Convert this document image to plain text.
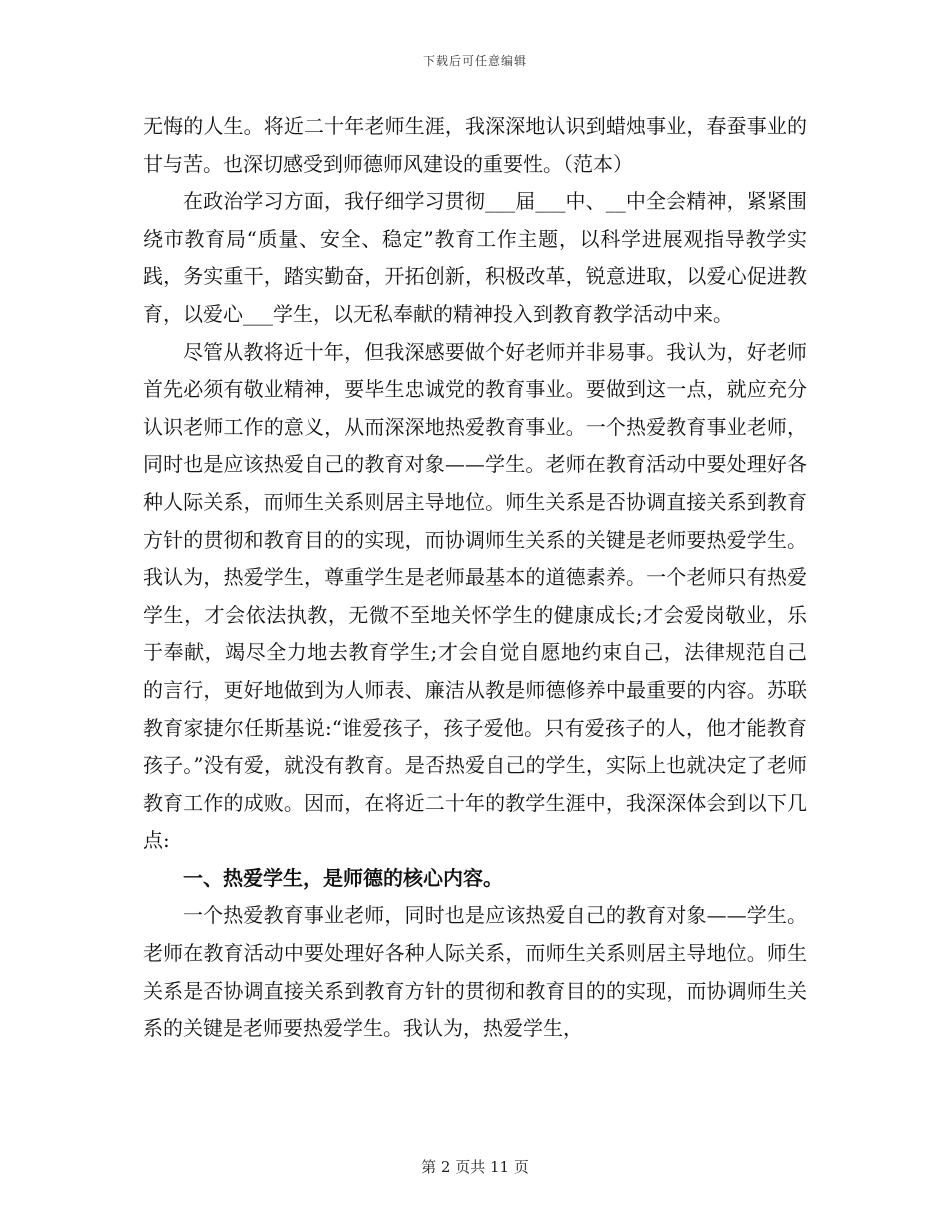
下载后可任意编辑

无悔的人生。将近二十年老师生涯，我深深地认识到蜡烛事业，春蚕事业的甘与苦。也深切感受到师德师风建设的重要性。（范本）

在政治学习方面，我仔细学习贯彻___届___中、__中全会精神，紧紧围绕市教育局“质量、安全、稳定”教育工作主题，以科学进展观指导教学实践，务实重干，踏实勤奋，开拓创新，积极改革，锐意进取，以爱心促进教育，以爱心___学生，以无私奉献的精神投入到教育教学活动中来。

尽管从教将近十年，但我深感要做个好老师并非易事。我认为，好老师首先必须有敬业精神，要毕生忠诚党的教育事业。要做到这一点，就应充分认识老师工作的意义，从而深深地热爱教育事业。一个热爱教育事业老师，同时也是应该热爱自己的教育对象——学生。老师在教育活动中要处理好各种人际关系，而师生关系则居主导地位。师生关系是否协调直接关系到教育方针的贯彻和教育目的的实现，而协调师生关系的关键是老师要热爱学生。我认为，热爱学生，尊重学生是老师最基本的道德素养。一个老师只有热爱学生，才会依法执教，无微不至地关怀学生的健康成长;才会爱岗敬业，乐于奉献，竭尽全力地去教育学生;才会自觉自愿地约束自己，法律规范自己的言行，更好地做到为人师表、廉洁从教是师德修养中最重要的内容。苏联教育家捷尔任斯基说:“谁爱孩子，孩子爱他。只有爱孩子的人，他才能教育孩子。”没有爱，就没有教育。是否热爱自己的学生，实际上也就决定了老师教育工作的成败。因而，在将近二十年的教学生涯中，我深深体会到以下几点:

一、热爱学生，是师德的核心内容。

一个热爱教育事业老师，同时也是应该热爱自己的教育对象——学生。老师在教育活动中要处理好各种人际关系，而师生关系则居主导地位。师生关系是否协调直接关系到教育方针的贯彻和教育目的的实现，而协调师生关系的关键是老师要热爱学生。我认为，热爱学生，

第 2 页共 11 页
